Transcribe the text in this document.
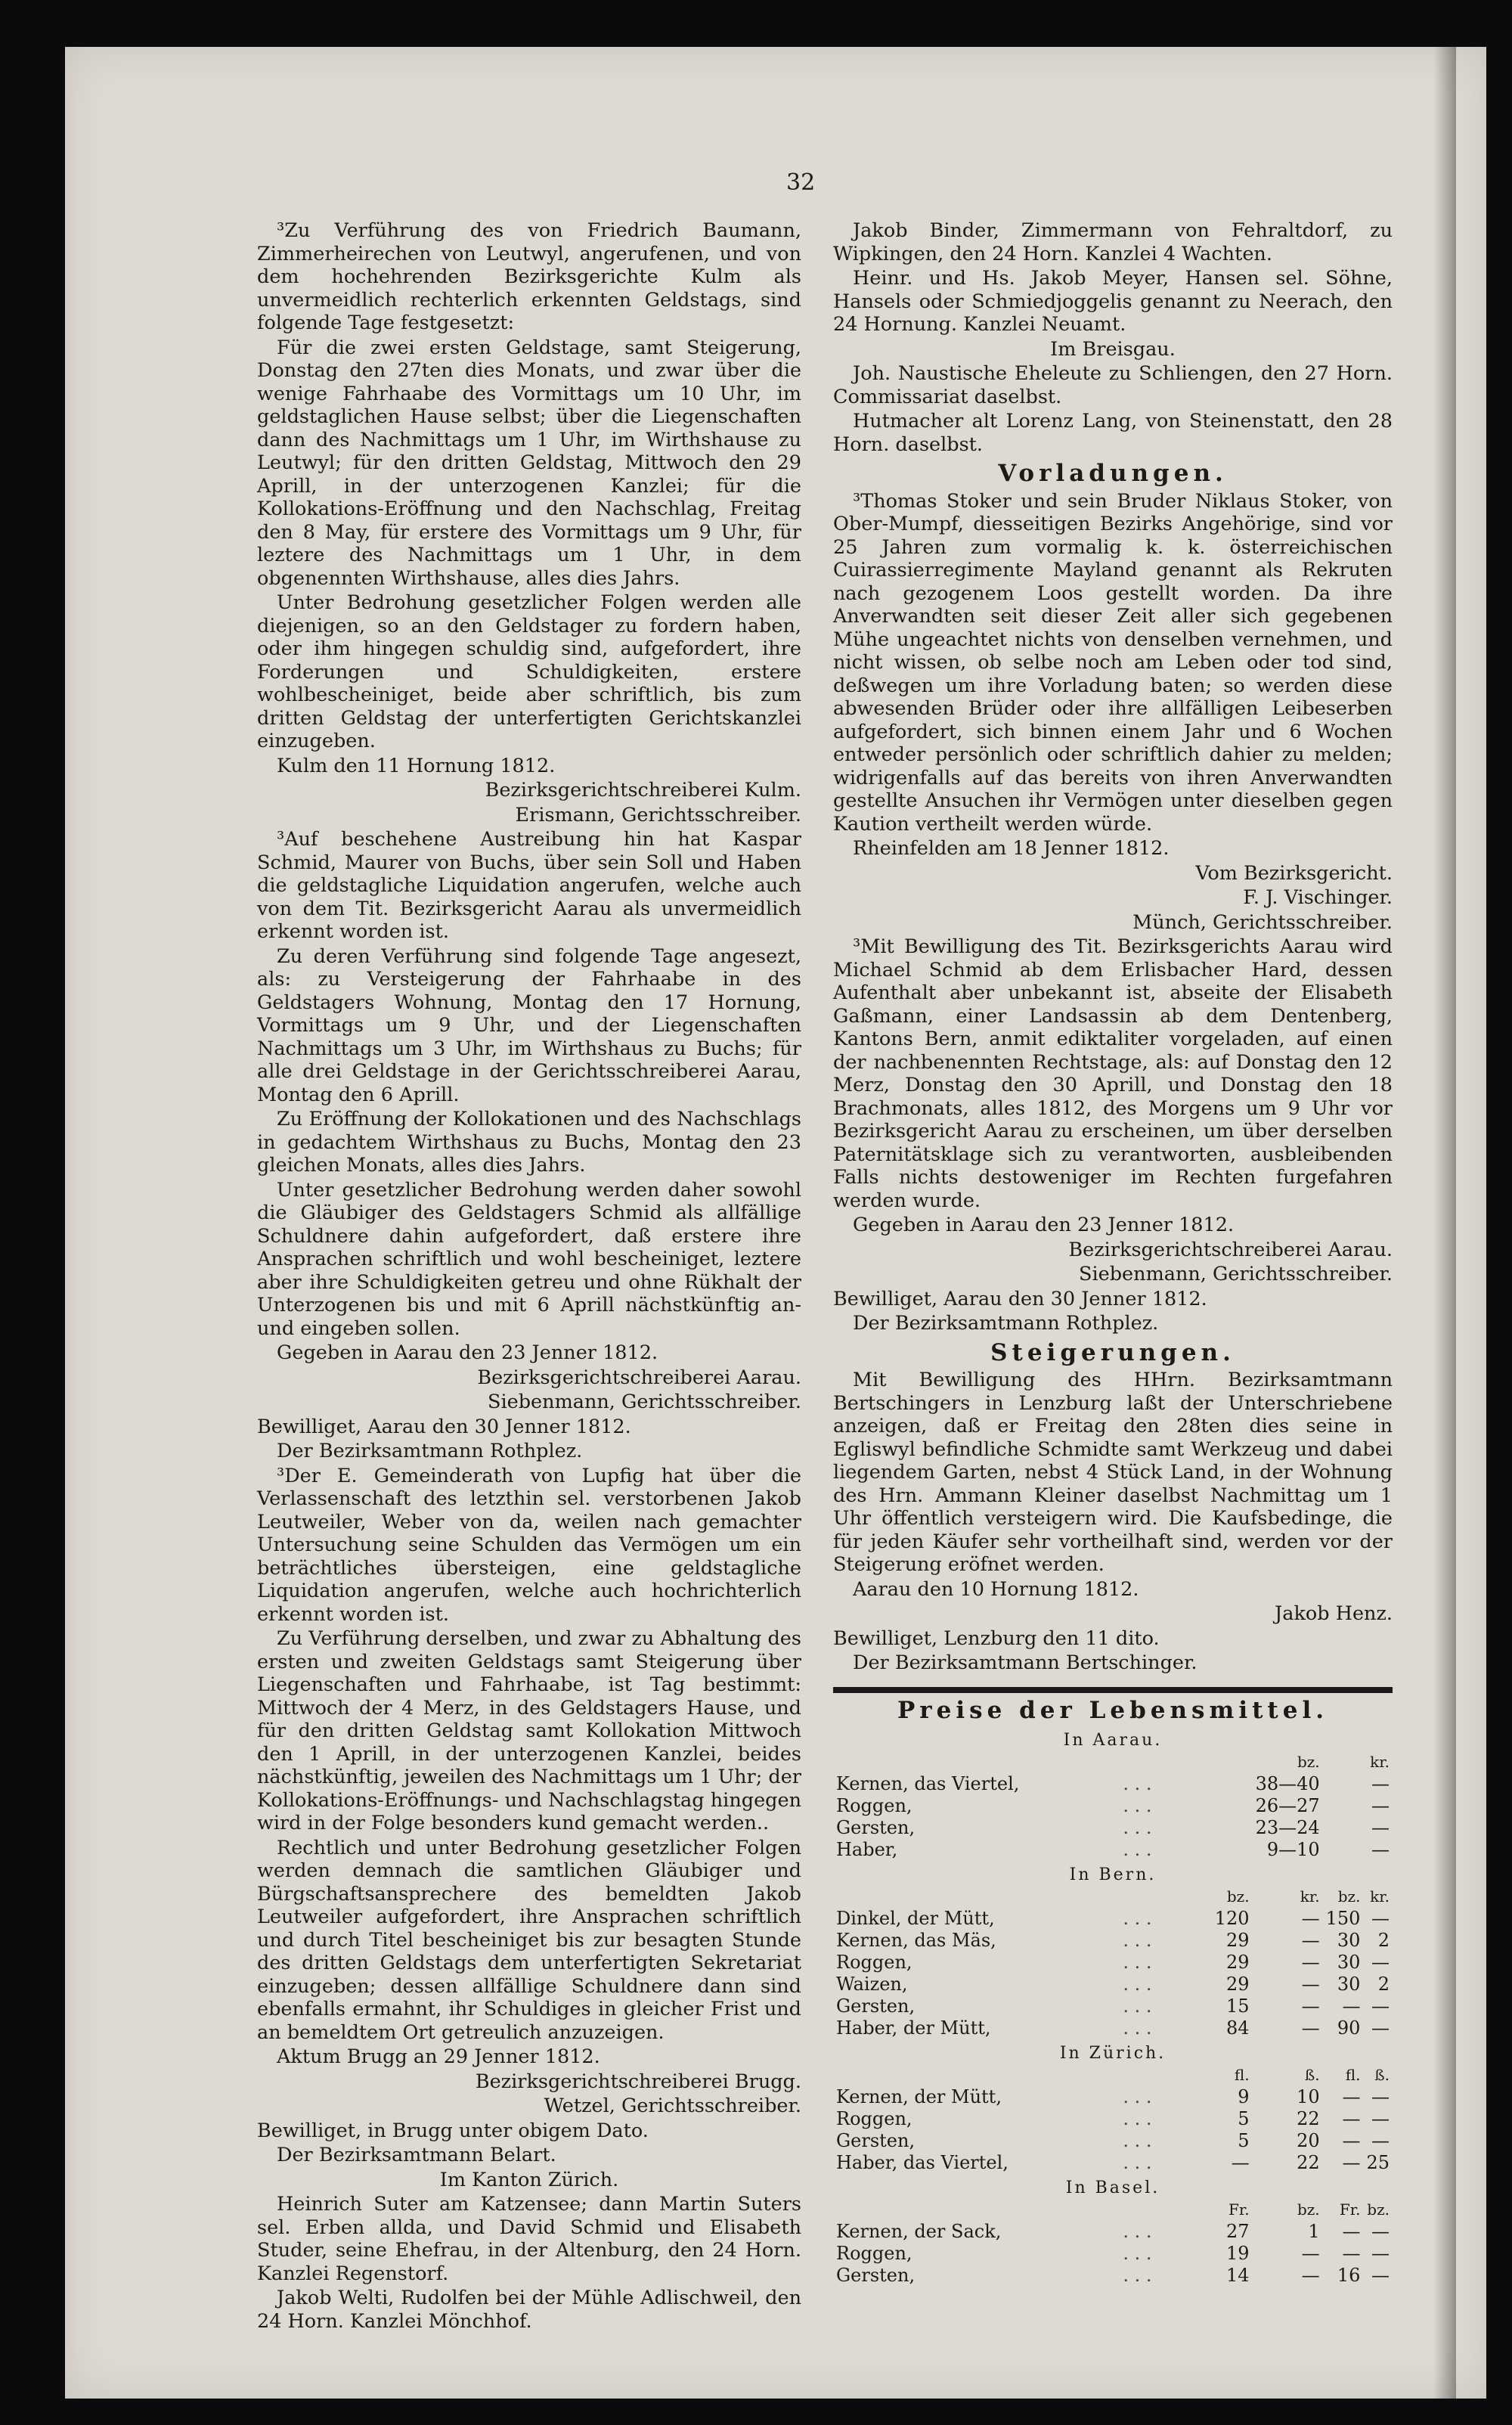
32

³Zu Verführung des von Friedrich Baumann, Zimmerheirechen von Leutwyl, angerufenen, und von dem hochehrenden Bezirksgerichte Kulm als unvermeidlich rechterlich erkennten Geldstags, sind folgende Tage festgesetzt:

Für die zwei ersten Geldstage, samt Steigerung, Donstag den 27ten dies Monats, und zwar über die wenige Fahrhaabe des Vormittags um 10 Uhr, im geldstaglichen Hause selbst; über die Liegenschaften dann des Nachmittags um 1 Uhr, im Wirthshause zu Leutwyl; für den dritten Geldstag, Mittwoch den 29 Aprill, in der unterzogenen Kanzlei; für die Kollokations-Eröffnung und den Nachschlag, Freitag den 8 May, für erstere des Vormittags um 9 Uhr, für leztere des Nachmittags um 1 Uhr, in dem obgenennten Wirthshause, alles dies Jahrs.

Unter Bedrohung gesetzlicher Folgen werden alle diejenigen, so an den Geldstager zu fordern haben, oder ihm hingegen schuldig sind, aufgefordert, ihre Forderungen und Schuldigkeiten, erstere wohlbescheiniget, beide aber schriftlich, bis zum dritten Geldstag der unterfertigten Gerichtskanzlei einzugeben.

Kulm den 11 Hornung 1812.

Bezirksgerichtschreiberei Kulm.

Erismann, Gerichtsschreiber.

³Auf beschehene Austreibung hin hat Kaspar Schmid, Maurer von Buchs, über sein Soll und Haben die geldstagliche Liquidation angerufen, welche auch von dem Tit. Bezirksgericht Aarau als unvermeidlich erkennt worden ist.

Zu deren Verführung sind folgende Tage angesezt, als: zu Versteigerung der Fahrhaabe in des Geldstagers Wohnung, Montag den 17 Hornung, Vormittags um 9 Uhr, und der Liegenschaften Nachmittags um 3 Uhr, im Wirthshaus zu Buchs; für alle drei Geldstage in der Gerichtsschreiberei Aarau, Montag den 6 Aprill.

Zu Eröffnung der Kollokationen und des Nachschlags in gedachtem Wirthshaus zu Buchs, Montag den 23 gleichen Monats, alles dies Jahrs.

Unter gesetzlicher Bedrohung werden daher sowohl die Gläubiger des Geldstagers Schmid als allfällige Schuldnere dahin aufgefordert, daß erstere ihre Ansprachen schriftlich und wohl bescheiniget, leztere aber ihre Schuldigkeiten getreu und ohne Rükhalt der Unterzogenen bis und mit 6 Aprill nächstkünftig an- und eingeben sollen.

Gegeben in Aarau den 23 Jenner 1812.

Bezirksgerichtschreiberei Aarau.

Siebenmann, Gerichtsschreiber.

Bewilliget, Aarau den 30 Jenner 1812.

Der Bezirksamtmann Rothplez.

³Der E. Gemeinderath von Lupfig hat über die Verlassenschaft des letzthin sel. verstorbenen Jakob Leutweiler, Weber von da, weilen nach gemachter Untersuchung seine Schulden das Vermögen um ein beträchtliches übersteigen, eine geldstagliche Liquidation angerufen, welche auch hochrichterlich erkennt worden ist.

Zu Verführung derselben, und zwar zu Abhaltung des ersten und zweiten Geldstags samt Steigerung über Liegenschaften und Fahrhaabe, ist Tag bestimmt: Mittwoch der 4 Merz, in des Geldstagers Hause, und für den dritten Geldstag samt Kollokation Mittwoch den 1 Aprill, in der unterzogenen Kanzlei, beides nächstkünftig, jeweilen des Nachmittags um 1 Uhr; der Kollokations-Eröffnungs- und Nachschlagstag hingegen wird in der Folge besonders kund gemacht werden..

Rechtlich und unter Bedrohung gesetzlicher Folgen werden demnach die samtlichen Gläubiger und Bürgschaftsansprechere des bemeldten Jakob Leutweiler aufgefordert, ihre Ansprachen schriftlich und durch Titel bescheiniget bis zur besagten Stunde des dritten Geldstags dem unterfertigten Sekretariat einzugeben; dessen allfällige Schuldnere dann sind ebenfalls ermahnt, ihr Schuldiges in gleicher Frist und an bemeldtem Ort getreulich anzuzeigen.

Aktum Brugg an 29 Jenner 1812.

Bezirksgerichtschreiberei Brugg.

Wetzel, Gerichtsschreiber.

Bewilliget, in Brugg unter obigem Dato.

Der Bezirksamtmann Belart.

Im Kanton Zürich.

Heinrich Suter am Katzensee; dann Martin Suters sel. Erben allda, und David Schmid und Elisabeth Studer, seine Ehefrau, in der Altenburg, den 24 Horn. Kanzlei Regenstorf.

Jakob Welti, Rudolfen bei der Mühle Adlischweil, den 24 Horn. Kanzlei Mönchhof.

Jakob Binder, Zimmermann von Fehraltdorf, zu Wipkingen, den 24 Horn. Kanzlei 4 Wachten.

Heinr. und Hs. Jakob Meyer, Hansen sel. Söhne, Hansels oder Schmiedjoggelis genannt zu Neerach, den 24 Hornung. Kanzlei Neuamt.

Im Breisgau.

Joh. Naustische Eheleute zu Schliengen, den 27 Horn. Commissariat daselbst.

Hutmacher alt Lorenz Lang, von Steinenstatt, den 28 Horn. daselbst.

Vorladungen.

³Thomas Stoker und sein Bruder Niklaus Stoker, von Ober-Mumpf, diesseitigen Bezirks Angehörige, sind vor 25 Jahren zum vormalig k. k. österreichischen Cuirassierregimente Mayland genannt als Rekruten nach gezogenem Loos gestellt worden. Da ihre Anverwandten seit dieser Zeit aller sich gegebenen Mühe ungeachtet nichts von denselben vernehmen, und nicht wissen, ob selbe noch am Leben oder tod sind, deßwegen um ihre Vorladung baten; so werden diese abwesenden Brüder oder ihre allfälligen Leibeserben aufgefordert, sich binnen einem Jahr und 6 Wochen entweder persönlich oder schriftlich dahier zu melden; widrigenfalls auf das bereits von ihren Anverwandten gestellte Ansuchen ihr Vermögen unter dieselben gegen Kaution vertheilt werden würde.

Rheinfelden am 18 Jenner 1812.

Vom Bezirksgericht.

F. J. Vischinger.

Münch, Gerichtsschreiber.

³Mit Bewilligung des Tit. Bezirksgerichts Aarau wird Michael Schmid ab dem Erlisbacher Hard, dessen Aufenthalt aber unbekannt ist, abseite der Elisabeth Gaßmann, einer Landsassin ab dem Dentenberg, Kantons Bern, anmit ediktaliter vorgeladen, auf einen der nachbenennten Rechtstage, als: auf Donstag den 12 Merz, Donstag den 30 Aprill, und Donstag den 18 Brachmonats, alles 1812, des Morgens um 9 Uhr vor Bezirksgericht Aarau zu erscheinen, um über derselben Paternitätsklage sich zu verantworten, ausbleibenden Falls nichts destoweniger im Rechten furgefahren werden wurde.

Gegeben in Aarau den 23 Jenner 1812.

Bezirksgerichtschreiberei Aarau.

Siebenmann, Gerichtsschreiber.

Bewilliget, Aarau den 30 Jenner 1812.

Der Bezirksamtmann Rothplez.

Steigerungen.

Mit Bewilligung des HHrn. Bezirksamtmann Bertschingers in Lenzburg laßt der Unterschriebene anzeigen, daß er Freitag den 28ten dies seine in Egliswyl befindliche Schmidte samt Werkzeug und dabei liegendem Garten, nebst 4 Stück Land, in der Wohnung des Hrn. Ammann Kleiner daselbst Nachmittag um 1 Uhr öffentlich versteigern wird. Die Kaufsbedinge, die für jeden Käufer sehr vortheilhaft sind, werden vor der Steigerung eröfnet werden.

Aarau den 10 Hornung 1812.

Jakob Henz.

Bewilliget, Lenzburg den 11 dito.

Der Bezirksamtmann Bertschinger.

Preise der Lebensmittel.
In Aarau.					
			bz.		kr.
Kernen, das Viertel,	. . .		38—40		—
Roggen,	. . .		26—27		—
Gersten,	. . .		23—24		—
Haber,	. . .		9—10		—
In Bern.					
		bz.	kr.	bz.	kr.
Dinkel, der Mütt,	. . .	120	—	150	—
Kernen, das Mäs,	. . .	29	—	30	2
Roggen,	. . .	29	—	30	—
Waizen,	. . .	29	—	30	2
Gersten,	. . .	15	—	—	—
Haber, der Mütt,	. . .	84	—	90	—
In Zürich.					
		fl.	ß.	fl.	ß.
Kernen, der Mütt,	. . .	9	10	—	—
Roggen,	. . .	5	22	—	—
Gersten,	. . .	5	20	—	—
Haber, das Viertel,	. . .	—	22	—	25
In Basel.					
		Fr.	bz.	Fr.	bz.
Kernen, der Sack,	. . .	27	1	—	—
Roggen,	. . .	19	—	—	—
Gersten,	. . .	14	—	16	—
